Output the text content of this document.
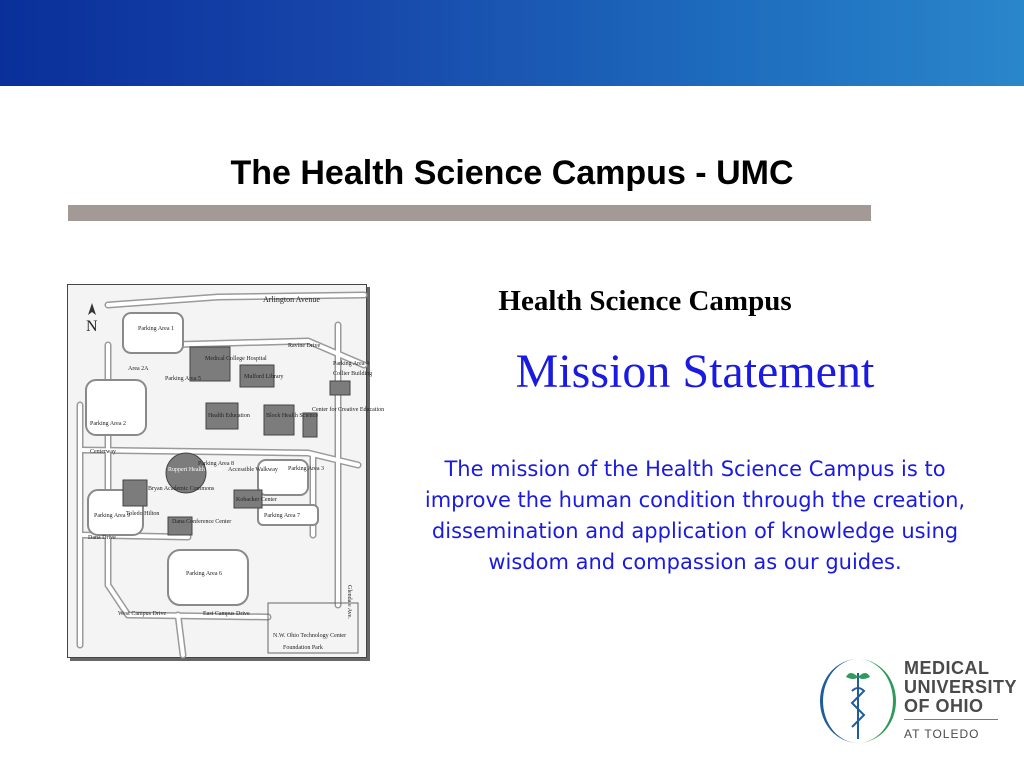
The Health Science Campus - UMC
N
Arlington Avenue
Ravine Drive
Parking Area 1
Medical College Hospital
Mulford Library
Area 2A
Parking Area 5
Parking Area 2
Health Education	Block Health Science
Center for Creative Education
Collier Building
Parking Area 4
Centerway
Ruppert Health Center
Parking Area 8
Accessible Walkway Parking Area 3
Parking Area 7
Kobacker Center
Bryan Academic Commons
Toledo Hilton
Dana Conference Center
Parking Area 9
Dana Drive
Parking Area 6
West Campus Drive	East Campus Drive
N.W. Ohio Technology Center
Foundation Park
Glendale Ave.
Health Science Campus
Mission Statement
The mission of the Health Science Campus is to improve the human condition through the creation, dissemination and application of knowledge using wisdom and compassion as our guides.
MEDICAL
UNIVERSITY
OF OHIO
AT TOLEDO
